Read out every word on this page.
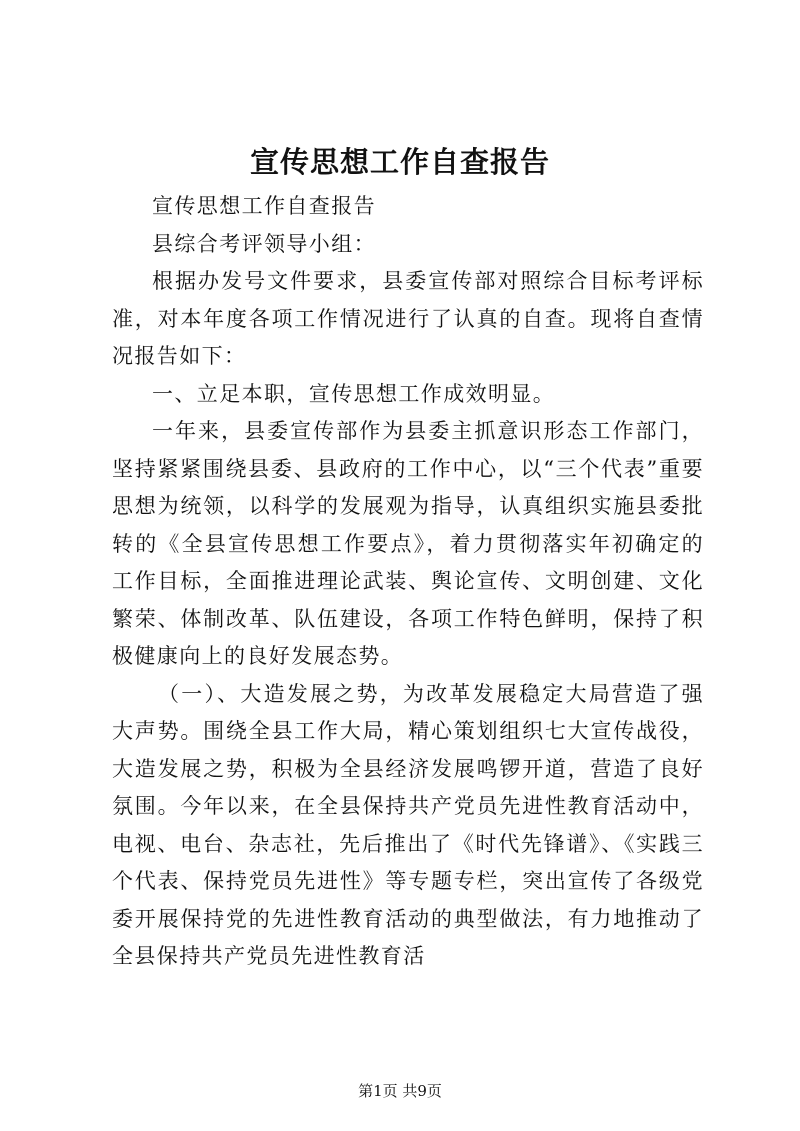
宣传思想工作自查报告

宣传思想工作自查报告

县综合考评领导小组：

根据办发号文件要求，县委宣传部对照综合目标考评标准，对本年度各项工作情况进行了认真的自查。现将自查情况报告如下：

一、立足本职，宣传思想工作成效明显。

一年来，县委宣传部作为县委主抓意识形态工作部门，坚持紧紧围绕县委、县政府的工作中心，以“三个代表”重要思想为统领，以科学的发展观为指导，认真组织实施县委批转的《全县宣传思想工作要点》，着力贯彻落实年初确定的工作目标，全面推进理论武装、舆论宣传、文明创建、文化繁荣、体制改革、队伍建设，各项工作特色鲜明，保持了积极健康向上的良好发展态势。

（一）、大造发展之势，为改革发展稳定大局营造了强大声势。围绕全县工作大局，精心策划组织七大宣传战役，大造发展之势，积极为全县经济发展鸣锣开道，营造了良好氛围。今年以来，在全县保持共产党员先进性教育活动中，电视、电台、杂志社，先后推出了《时代先锋谱》、《实践三个代表、保持党员先进性》等专题专栏，突出宣传了各级党委开展保持党的先进性教育活动的典型做法，有力地推动了全县保持共产党员先进性教育活

第1页 共9页
